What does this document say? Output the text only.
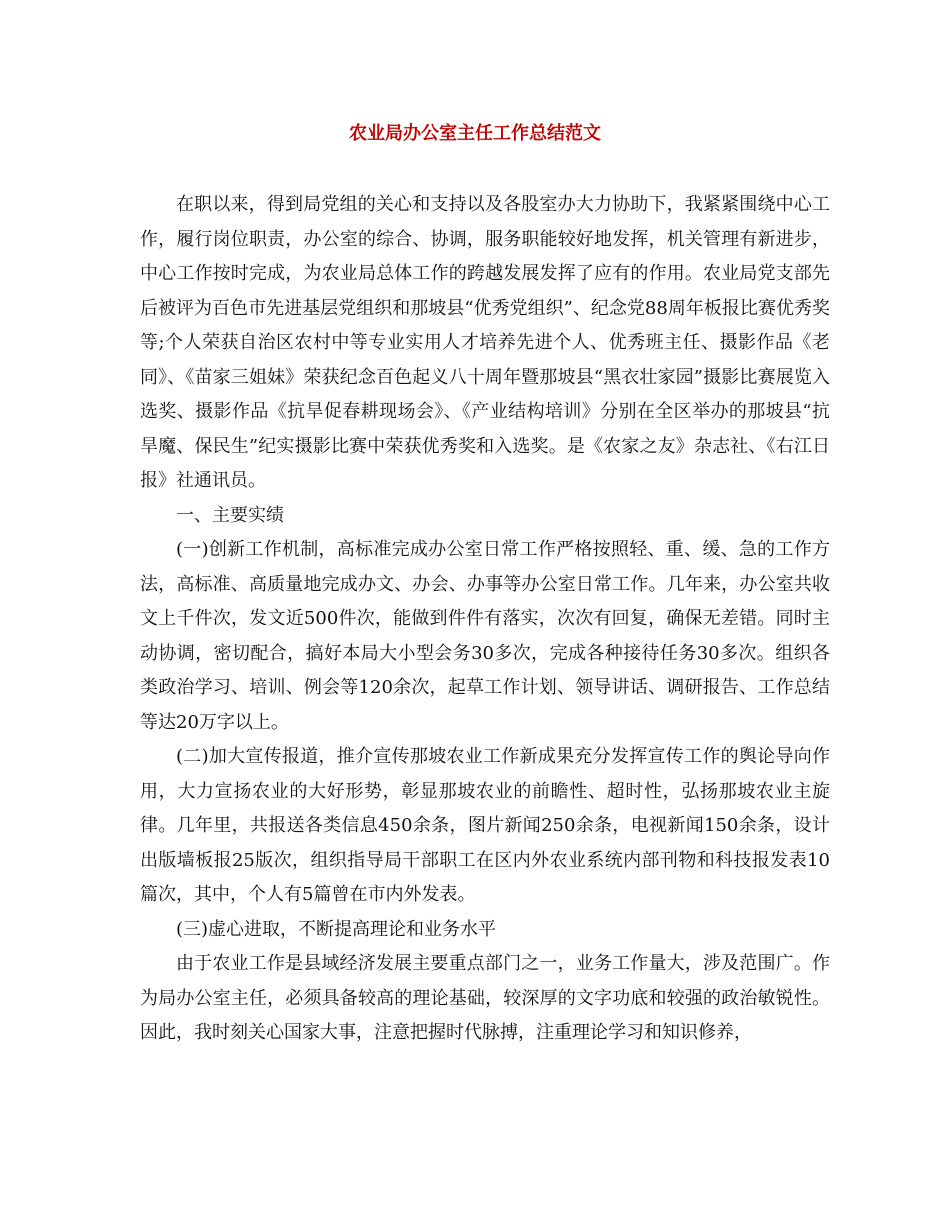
农业局办公室主任工作总结范文

在职以来，得到局党组的关心和支持以及各股室办大力协助下，我紧紧围绕中心工作，履行岗位职责，办公室的综合、协调，服务职能较好地发挥，机关管理有新进步，中心工作按时完成，为农业局总体工作的跨越发展发挥了应有的作用。农业局党支部先后被评为百色市先进基层党组织和那坡县“优秀党组织”、纪念党88周年板报比赛优秀奖等;个人荣获自治区农村中等专业实用人才培养先进个人、优秀班主任、摄影作品《老同》、《苗家三姐妹》荣获纪念百色起义八十周年暨那坡县“黑衣壮家园”摄影比赛展览入选奖、摄影作品《抗旱促春耕现场会》、《产业结构培训》分别在全区举办的那坡县“抗旱魔、保民生”纪实摄影比赛中荣获优秀奖和入选奖。是《农家之友》杂志社、《右江日报》社通讯员。

一、主要实绩

(一)创新工作机制，高标准完成办公室日常工作严格按照轻、重、缓、急的工作方法，高标准、高质量地完成办文、办会、办事等办公室日常工作。几年来，办公室共收文上千件次，发文近500件次，能做到件件有落实，次次有回复，确保无差错。同时主动协调，密切配合，搞好本局大小型会务30多次，完成各种接待任务30多次。组织各类政治学习、培训、例会等120余次，起草工作计划、领导讲话、调研报告、工作总结等达20万字以上。

(二)加大宣传报道，推介宣传那坡农业工作新成果充分发挥宣传工作的舆论导向作用，大力宣扬农业的大好形势，彰显那坡农业的前瞻性、超时性，弘扬那坡农业主旋律。几年里，共报送各类信息450余条，图片新闻250余条，电视新闻150余条，设计出版墙板报25版次，组织指导局干部职工在区内外农业系统内部刊物和科技报发表10篇次，其中，个人有5篇曾在市内外发表。

(三)虚心进取，不断提高理论和业务水平

由于农业工作是县域经济发展主要重点部门之一，业务工作量大，涉及范围广。作为局办公室主任，必须具备较高的理论基础，较深厚的文字功底和较强的政治敏锐性。因此，我时刻关心国家大事，注意把握时代脉搏，注重理论学习和知识修养，
